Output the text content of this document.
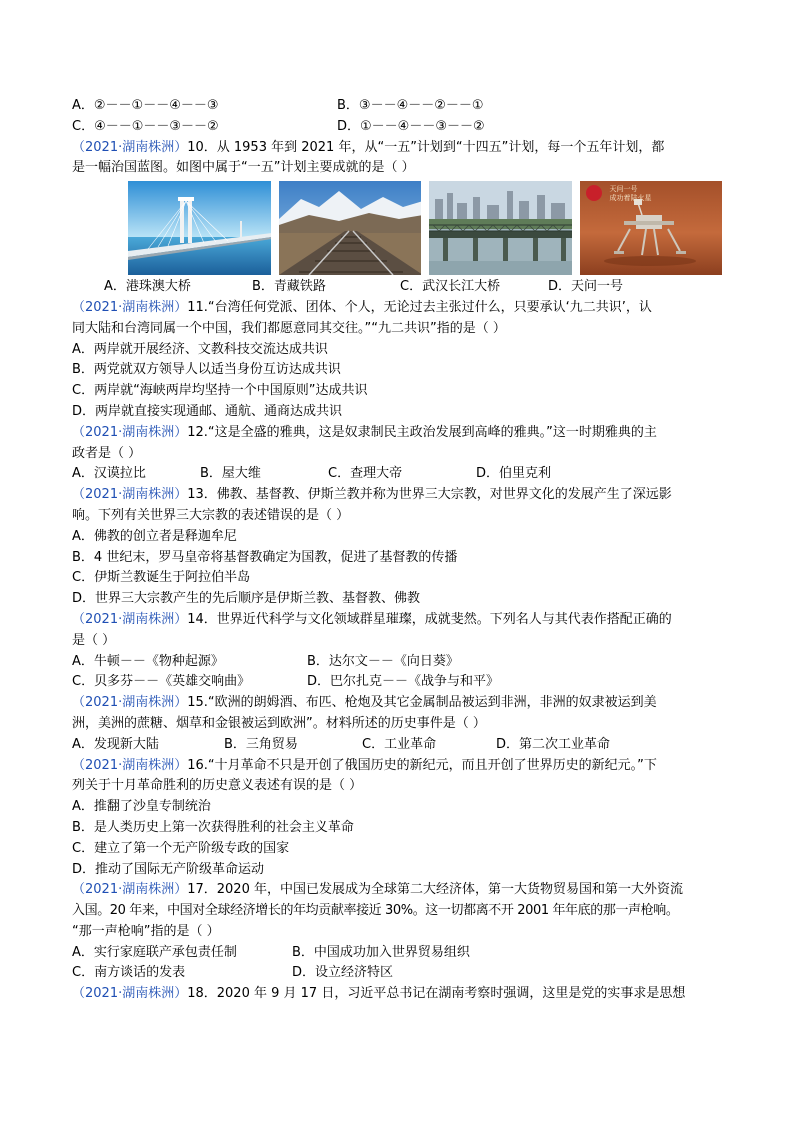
A．②－－①－－④－－③	B．③－－④－－②－－①
C．④－－①－－③－－②	D．①－－④－－③－－②
（2021·湖南株洲）10．从 1953 年到 2021 年，从“一五”计划到“十四五”计划，每一个五年计划，都
是一幅治国蓝图。如图中属于“一五”计划主要成就的是（ ）
天问一号
成功着陆火星
A．港珠澳大桥	B．青藏铁路	C．武汉长江大桥	D．天问一号
（2021·湖南株洲）11.“台湾任何党派、团体、个人，无论过去主张过什么，只要承认‘九二共识’，认
同大陆和台湾同属一个中国，我们都愿意同其交往。”“九二共识”指的是（ ）
A．两岸就开展经济、文教科技交流达成共识
B．两党就双方领导人以适当身份互访达成共识
C．两岸就“海峡两岸均坚持一个中国原则”达成共识
D．两岸就直接实现通邮、通航、通商达成共识
（2021·湖南株洲）12.“这是全盛的雅典，这是奴隶制民主政治发展到高峰的雅典。”这一时期雅典的主
政者是（ ）
A．汉谟拉比	B．屋大维	C．查理大帝	D．伯里克利
（2021·湖南株洲）13．佛教、基督教、伊斯兰教并称为世界三大宗教，对世界文化的发展产生了深远影
响。下列有关世界三大宗教的表述错误的是（ ）
A．佛教的创立者是释迦牟尼
B．4 世纪末，罗马皇帝将基督教确定为国教，促进了基督教的传播
C．伊斯兰教诞生于阿拉伯半岛
D．世界三大宗教产生的先后顺序是伊斯兰教、基督教、佛教
（2021·湖南株洲）14．世界近代科学与文化领域群星璀璨，成就斐然。下列名人与其代表作搭配正确的
是（ ）
A．牛顿－－《物种起源》	B．达尔文－－《向日葵》
C．贝多芬－－《英雄交响曲》	D．巴尔扎克－－《战争与和平》
（2021·湖南株洲）15.“欧洲的朗姆酒、布匹、枪炮及其它金属制品被运到非洲，非洲的奴隶被运到美
洲，美洲的蔗糖、烟草和金银被运到欧洲”。材料所述的历史事件是（ ）
A．发现新大陆	B．三角贸易	C．工业革命	D．第二次工业革命
（2021·湖南株洲）16.“十月革命不只是开创了俄国历史的新纪元，而且开创了世界历史的新纪元。”下
列关于十月革命胜利的历史意义表述有误的是（ ）
A．推翻了沙皇专制统治
B．是人类历史上第一次获得胜利的社会主义革命
C．建立了第一个无产阶级专政的国家
D．推动了国际无产阶级革命运动
（2021·湖南株洲）17．2020 年，中国已发展成为全球第二大经济体，第一大货物贸易国和第一大外资流
入国。20 年来，中国对全球经济增长的年均贡献率接近 30%。这一切都离不开 2001 年年底的那一声枪响。
“那一声枪响”指的是（ ）
A．实行家庭联产承包责任制	B．中国成功加入世界贸易组织
C．南方谈话的发表	D．设立经济特区
（2021·湖南株洲）18．2020 年 9 月 17 日，习近平总书记在湖南考察时强调，这里是党的实事求是思想
